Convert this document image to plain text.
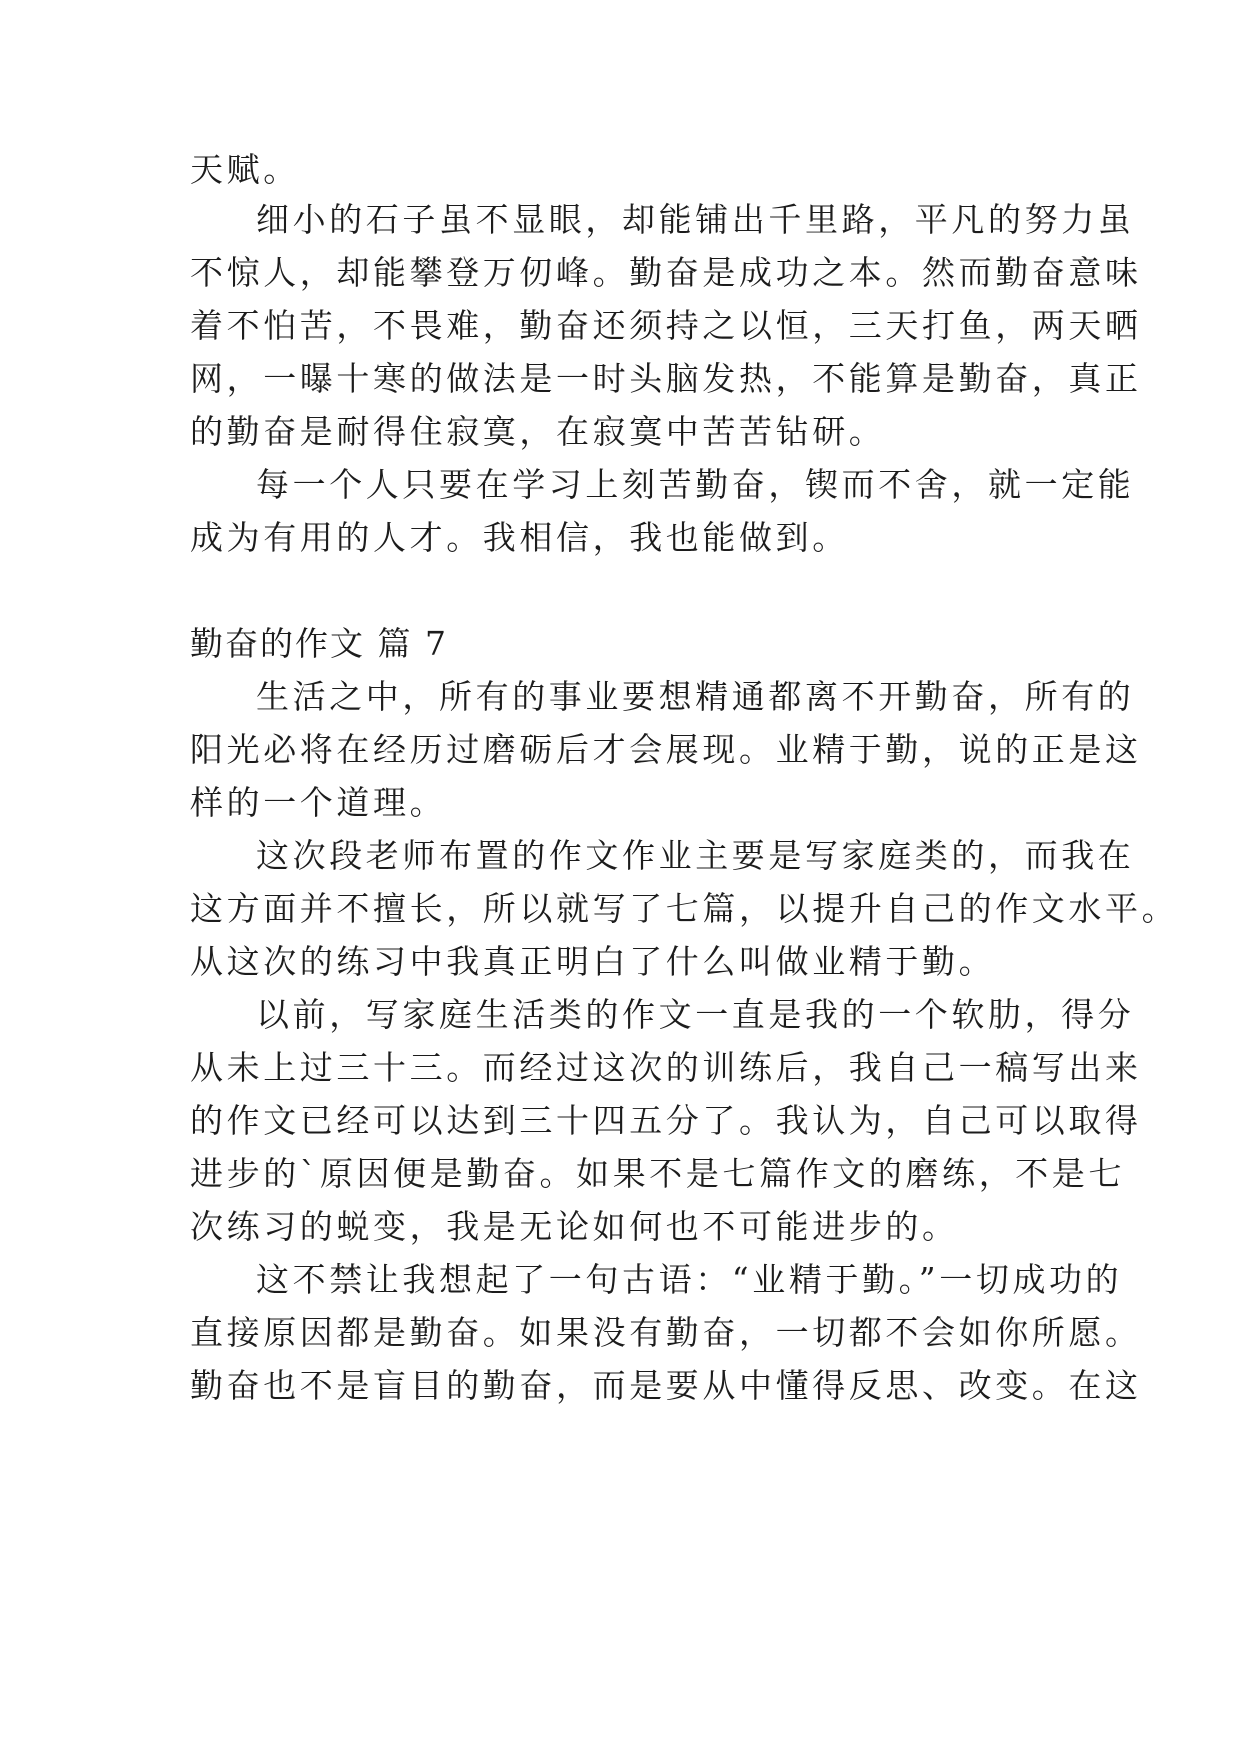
天赋。
细小的石子虽不显眼，却能铺出千里路，平凡的努力虽
不惊人，却能攀登万仞峰。勤奋是成功之本。然而勤奋意味
着不怕苦，不畏难，勤奋还须持之以恒，三天打鱼，两天晒
网，一曝十寒的做法是一时头脑发热，不能算是勤奋，真正
的勤奋是耐得住寂寞，在寂寞中苦苦钻研。
每一个人只要在学习上刻苦勤奋，锲而不舍，就一定能
成为有用的人才。我相信，我也能做到。
勤奋的作文 篇 7
生活之中，所有的事业要想精通都离不开勤奋，所有的
阳光必将在经历过磨砺后才会展现。业精于勤，说的正是这
样的一个道理。
这次段老师布置的作文作业主要是写家庭类的，而我在
这方面并不擅长，所以就写了七篇，以提升自己的作文水平。
从这次的练习中我真正明白了什么叫做业精于勤。
以前，写家庭生活类的作文一直是我的一个软肋，得分
从未上过三十三。而经过这次的训练后，我自己一稿写出来
的作文已经可以达到三十四五分了。我认为，自己可以取得
进步的`原因便是勤奋。如果不是七篇作文的磨练，不是七
次练习的蜕变，我是无论如何也不可能进步的。
这不禁让我想起了一句古语：“业精于勤。”一切成功的
直接原因都是勤奋。如果没有勤奋，一切都不会如你所愿。
勤奋也不是盲目的勤奋，而是要从中懂得反思、改变。在这
